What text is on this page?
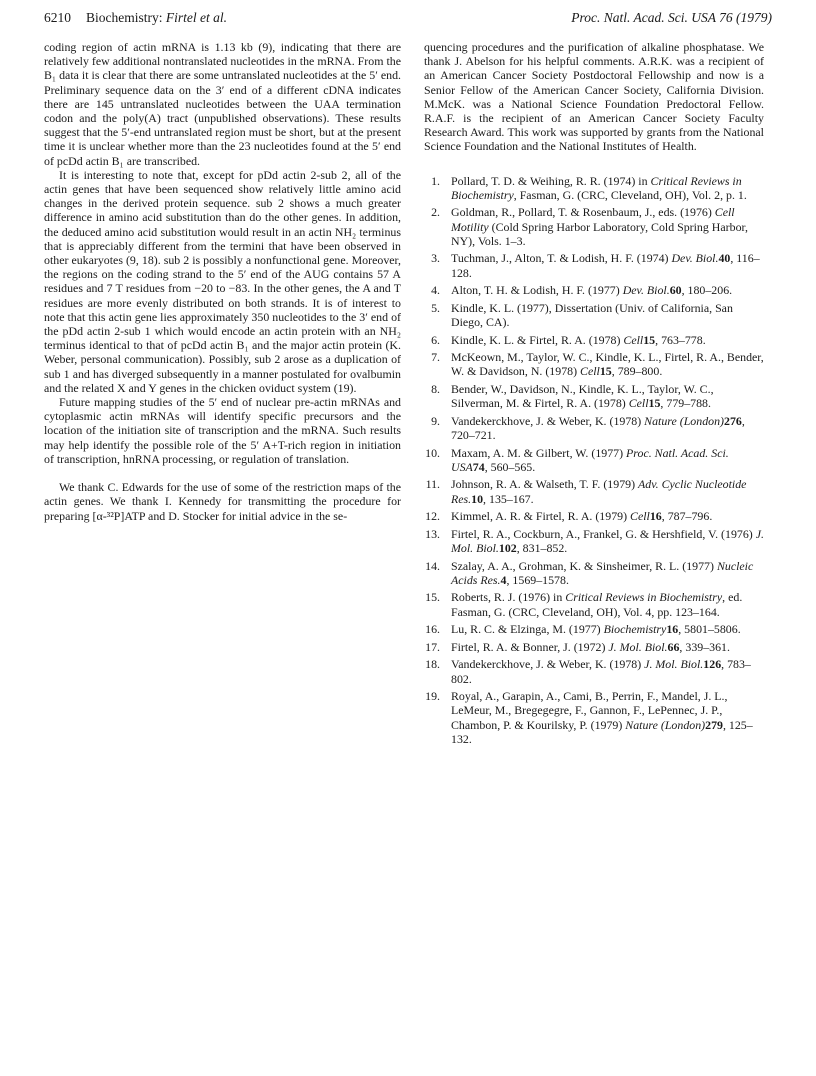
6210 Biochemistry: Firtel et al.	Proc. Natl. Acad. Sci. USA 76 (1979)

coding region of actin mRNA is 1.13 kb (9), indicating that there are relatively few additional nontranslated nucleotides in the mRNA. From the B₁ data it is clear that there are some untranslated nucleotides at the 5′ end. Preliminary sequence data on the 3′ end of a different cDNA indicates there are 145 untranslated nucleotides between the UAA termination codon and the poly(A) tract (unpublished observations). These results suggest that the 5′-end untranslated region must be short, but at the present time it is unclear whether more than the 23 nucleotides found at the 5′ end of pcDd actin B₁ are transcribed.

It is interesting to note that, except for pDd actin 2-sub 2, all of the actin genes that have been sequenced show relatively little amino acid changes in the derived protein sequence. sub 2 shows a much greater difference in amino acid substitution than do the other genes. In addition, the deduced amino acid substitution would result in an actin NH₂ terminus that is appreciably different from the termini that have been observed in other eukaryotes (9, 18). sub 2 is possibly a nonfunctional gene. Moreover, the regions on the coding strand to the 5′ end of the AUG contains 57 A residues and 7 T residues from −20 to −83. In the other genes, the A and T residues are more evenly distributed on both strands. It is of interest to note that this actin gene lies approximately 350 nucleotides to the 3′ end of the pDd actin 2-sub 1 which would encode an actin protein with an NH₂ terminus identical to that of pcDd actin B₁ and the major actin protein (K. Weber, personal communication). Possibly, sub 2 arose as a duplication of sub 1 and has diverged subsequently in a manner postulated for ovalbumin and the related X and Y genes in the chicken oviduct system (19).

Future mapping studies of the 5′ end of nuclear pre-actin mRNAs and cytoplasmic actin mRNAs will identify specific precursors and the location of the initiation site of transcription and the mRNA. Such results may help identify the possible role of the 5′ A+T-rich region in initiation of transcription, hnRNA processing, or regulation of translation.

We thank C. Edwards for the use of some of the restriction maps of the actin genes. We thank I. Kennedy for transmitting the procedure for preparing [α-³²P]ATP and D. Stocker for initial advice in the se-

quencing procedures and the purification of alkaline phosphatase. We thank J. Abelson for his helpful comments. A.R.K. was a recipient of an American Cancer Society Postdoctoral Fellowship and now is a Senior Fellow of the American Cancer Society, California Division. M.McK. was a National Science Foundation Predoctoral Fellow. R.A.F. is the recipient of an American Cancer Society Faculty Research Award. This work was supported by grants from the National Science Foundation and the National Institutes of Health.

1. Pollard, T. D. & Weihing, R. R. (1974) in Critical Reviews in Biochemistry, Fasman, G. (CRC, Cleveland, OH), Vol. 2, p. 1.
2. Goldman, R., Pollard, T. & Rosenbaum, J., eds. (1976) Cell Motility (Cold Spring Harbor Laboratory, Cold Spring Harbor, NY), Vols. 1–3.
3. Tuchman, J., Alton, T. & Lodish, H. F. (1974) Dev. Biol.40, 116–128.
4. Alton, T. H. & Lodish, H. F. (1977) Dev. Biol.60, 180–206.
5. Kindle, K. L. (1977), Dissertation (Univ. of California, San Diego, CA).
6. Kindle, K. L. & Firtel, R. A. (1978) Cell15, 763–778.
7. McKeown, M., Taylor, W. C., Kindle, K. L., Firtel, R. A., Bender, W. & Davidson, N. (1978) Cell15, 789–800.
8. Bender, W., Davidson, N., Kindle, K. L., Taylor, W. C., Silverman, M. & Firtel, R. A. (1978) Cell15, 779–788.
9. Vandekerckhove, J. & Weber, K. (1978) Nature (London)276, 720–721.
10. Maxam, A. M. & Gilbert, W. (1977) Proc. Natl. Acad. Sci. USA74, 560–565.
11. Johnson, R. A. & Walseth, T. F. (1979) Adv. Cyclic Nucleotide Res.10, 135–167.
12. Kimmel, A. R. & Firtel, R. A. (1979) Cell16, 787–796.
13. Firtel, R. A., Cockburn, A., Frankel, G. & Hershfield, V. (1976) J. Mol. Biol.102, 831–852.
14. Szalay, A. A., Grohman, K. & Sinsheimer, R. L. (1977) Nucleic Acids Res.4, 1569–1578.
15. Roberts, R. J. (1976) in Critical Reviews in Biochemistry, ed. Fasman, G. (CRC, Cleveland, OH), Vol. 4, pp. 123–164.
16. Lu, R. C. & Elzinga, M. (1977) Biochemistry16, 5801–5806.
17. Firtel, R. A. & Bonner, J. (1972) J. Mol. Biol.66, 339–361.
18. Vandekerckhove, J. & Weber, K. (1978) J. Mol. Biol.126, 783–802.
19. Royal, A., Garapin, A., Cami, B., Perrin, F., Mandel, J. L., LeMeur, M., Bregegegre, F., Gannon, F., LePennec, J. P., Chambon, P. & Kourilsky, P. (1979) Nature (London)279, 125–132.
